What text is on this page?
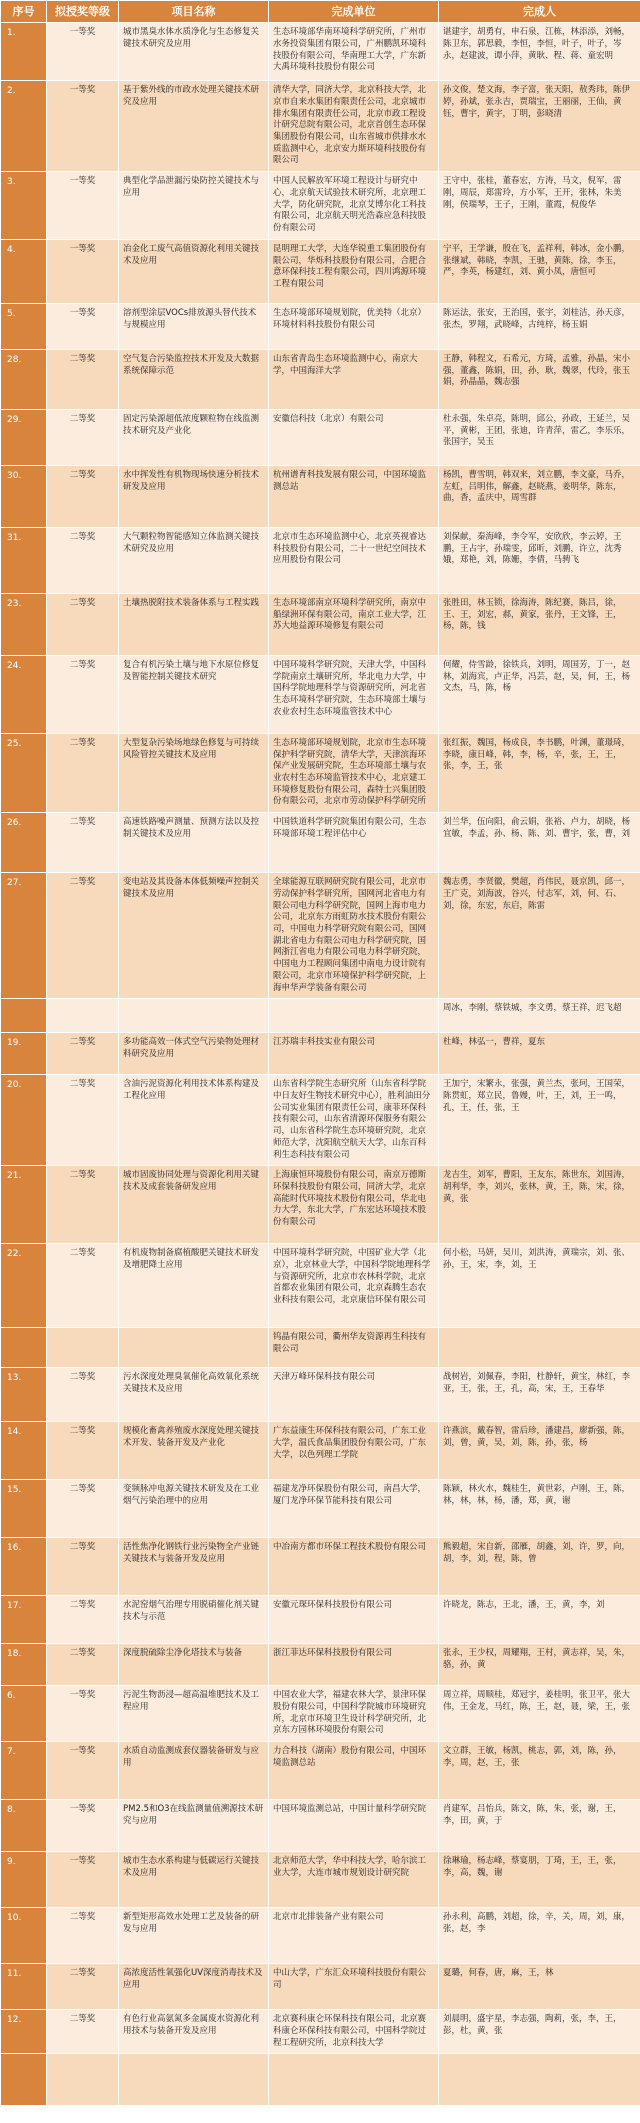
序号	拟授奖等级	项目名称	完成单位	完成人
1.	一等奖	城市黑臭水体水质净化与生态修复关键技术研究及应用	生态环境部华南环境科学研究所，广州市水务投资集团有限公司，广州鹏凯环境科技股份有限公司，华南理工大学，广东新大禹环境科技股份有限公司	谌建宇，胡勇有，申石泉，江栋，林添添，刘畅，陈卫东，郭思毅，李恒，李恒，叶子，叶子，岑永，赵建波，谭小萍，黄耿、程、蒋、童宏明
2.	一等奖	基于紫外线的市政水处理关键技术研究及应用	清华大学，同济大学，北京科技大学，北京市自来水集团有限责任公司，北京城市排水集团有限责任公司，北京市政工程设计研究总院有限公司，北京首创生态环保集团股份有限公司，山东省城市供排水水质监测中心，北京安力斯环境科技股份有限公司	孙文俊，楚文海，李子富，张天阳，敖秀玮，陈伊婷，孙斌，张永吉，贾瑞宝，王丽丽，王仙，黄钰，曹宇，黄宇，丁明，彭晓清
3.	一等奖	典型化学品泄漏污染防控关键技术与应用	中国人民解放军环境工程设计与研究中心，北京航天试验技术研究所，北京理工大学，防化研究院，北京艾博尔化工科技有限公司，北京航天明光浩森应急科技股份有限公司	王守中，张桂，董春宏，方涛，马文，倪军，雷刚，周辰，郑雷玲，方小军，王开，张林，朱美刚，侯瑞琴，王子，王刚，董霞，倪俊华
4.	一等奖	冶金化工废气高值资源化利用关键技术及应用	昆明理工大学，大连华锐重工集团股份有限公司，华烁科技股份有限公司，合肥合意环保科技工程有限公司，四川鸿源环境工程有限公司	宁平，王学谦，殷在飞，孟祥利，韩冰，金小鹏，张继斌，韩晓，李凯，王驰，黄陈，徐，李玉，严，李英，杨建红，刘、黄小凤，唐恒可
5.	一等奖	溶剂型涂层VOCs排放源头替代技术与规模应用	生态环境部环境规划院，优美特（北京）环境材料科技股份有限公司	陈运法，张安，王治国，张宇，刘桂洁，孙天彦，张杰，罗翔，武晓峰，古纯梓，杨玉娟
28.	二等奖	空气复合污染监控技术开发及大数据系统保障示范	山东省青岛生态环境监测中心，南京大学，中国海洋大学	王静，韩程文，石希元，方琦，孟雅，孙晶，宋小强，董鑫，陈娟，田，孙，耿，魏翠，代玲，张玉娟，孙晶晶，魏志强
29.	二等奖	固定污染源超低浓度颗粒物在线监测技术研究及产业化	安徽信科技（北京）有限公司	杜永强，朱卓亮，陈明，邱公，孙政，王延兰，吴平，黄彬，王团，张迪，许青萍，雷乙，李乐乐，张国宇，吴玉
30.	二等奖	水中挥发性有机物现场快速分析技术研发及应用	杭州谱育科技发展有限公司，中国环境监测总站	杨凯，曹雪明，韩双来，刘立鹏，李文豪，马乔，左虹，吕明伟，解鑫，赵晓燕，姜明华，陈东，曲，香，孟庆中，周雪群
31.	二等奖	大气颗粒物智能感知立体监测关键技术研究及应用	北京市生态环境监测中心，北京英视睿达科技股份有限公司，二十一世纪空间技术应用股份有限公司	刘保献，秦海峰，李令军，安欣欣，李云婷，王鹏，王占宇，孙瑞雯，邱昕，刘鹏，许立，沈秀娥，郑艳，刘，陈姗，李倩，马骋飞
23.	二等奖	土壤热脱附技术装备体系与工程实践	生态环境部南京环境科学研究所，南京中船绿洲环保有限公司，南京工业大学，江苏大地益源环境修复有限公司	张胜田，林玉锁，徐海涛，陈纪赛，陈吕，徐，王、王，刘宏，郝，黄家，张丹，王文锋，王，杨，陈，钱
24.	二等奖	复合有机污染土壤与地下水原位修复及智能控制关键技术研究	中国环境科学研究院，天津大学，中国科学院南京土壤研究所，华北电力大学，中国科学院地理科学与资源研究所，河北省生态环境科学研究院，生态环境部土壤与农业农村生态环境监管技术中心	何耀，侍雪龄，徐铁兵，刘明，周国芳，丁一，赵林，刘海宾，卢正华，冯芸，赵，吴，何，王，杨文杰，马，陈，杨
25.	二等奖	大型复杂污染场地绿色修复与可持续风险管控关键技术及应用	生态环境部环境规划院，北京市生态环境保护科学研究院，清华大学，天津滨海环保产业发展研究院，生态环境部土壤与农业农村生态环境监管技术中心，北京建工环境修复股份有限公司，森特士兴集团股份有限公司，北京市劳动保护科学研究所	张红振，魏国，杨成良，李书鹏，叶渊，董璟琦，李晓，康日峰，韩，李，杨，辛，张，王，王，张，李，王，张
26.	二等奖	高速铁路噪声测量、预测方法以及控制关键技术及应用	中国铁道科学研究院集团有限公司，生态环境部环境工程评估中心	刘兰华，伍向阳，俞云娟，张裕、卢力，胡晓，杨宜敏，李孟，孙、杨、陈、刘、曹宇，张，曹，刘
27.	二等奖	变电站及其设备本体低频噪声控制关键技术及应用	全球能源互联网研究院有限公司，北京市劳动保护科学研究所，国网河北省电力有限公司电力科学研究院，国网上海市电力公司，北京东方雨虹防水技术股份有限公司，中国电力科学研究院有限公司，国网湖北省电力有限公司电力科学研究院，国网浙江省电力有限公司电力科学研究院，中国电力工程顾问集团中南电力设计院有限公司，北京市环境保护科学研究院，上海申华声学装备有限公司	魏志勇，李贤徽，樊超，肖伟民，聂京凯，邱一，王广克，刘海波，谷兴，付志军，刘，何、石、刘，徐，东宏，东启，陈雷
				周冰，李刚，蔡铁城，李文勇，蔡王祥，迟飞超
19.	二等奖	多功能高效一体式空气污染物处理材料研究及应用	江苏瑞丰科技实业有限公司	杜峰，林弘一，曹祥，夏东
20.	二等奖	含油污泥资源化利用技术体系构建及工程化应用	山东省科学院生态研究所（山东省科学院中日友好生物技术研究中心），胜利油田分公司实业集团有限责任公司，康菲环保科技有限公司，山东省清源环保服务有限公司，山东省科学院生态环境研究院，北京师范大学，沈阳航空航天大学，山东百科利生态科技有限公司	王加宁，宋繁永，张强，黄兰杰，张珂，王国荣，陈贯虹，郑立民，鲁嫚，叶，王，刘，王一鸣，孔，王，任，张，王
21.	二等奖	城市固废协同处理与资源化利用关键技术及成套装备研发应用	上海康恒环境股份有限公司，南京万德斯环保科技股份有限公司，同济大学，北京高能时代环境技术股份有限公司，华北电力大学，东北大学，广东宏达环境技术股份有限公司	龙吉生，刘军，曹阳，王友东，陈世东，刘国涛，胡利华，李，刘兴，张林，黄，王，陈，宋，徐，黄，张
22.	二等奖	有机废物制备腐植酸肥关键技术研发及增肥降土应用	中国环境科学研究院，中国矿业大学（北京），北京林业大学，中国科学院地理科学与资源研究所，北京市农林科学院，北京首都农业集团有限公司，北京森腾生态农业科技有限公司，北京康信环保有限公司	何小松，马妍，吴川，刘洪涛，黄瑞宗，刘、张、孙，王，宋，李，刘，王
			钨晶有限公司，衢州华友资源再生科技有限公司	
13.	二等奖	污水深度处理臭氧催化高效氧化系统关键技术及应用	天津万峰环保科技有限公司	战树岩，刘佩春，李阳，杜静轩，黄宝，林红，李亚，王，张，王，孔，高，宋，王，王春华
14.	二等奖	规模化畜禽养殖废水深度处理关键技术开发、装备开发及产业化	广东益康生环保科技有限公司，广东工业大学，温氏食品集团股份有限公司，广东大学，以色列理工学院	许燕滨，戴春智，雷后珍，潘建昌，廖新强，陈，刘，曾，黄，吴，刘，陈，孙，张，杨
15.	二等奖	变频脉冲电源关键技术研发及在工业烟气污染治理中的应用	福建龙净环保股份有限公司，南昌大学，厦门龙净环保节能科技有限公司	陈颖，林火水，魏桂生，黄世彩，卢刚，王，陈，林，林，林，杨，潘，郑，黄，谢
16.	二等奖	活性焦净化钢铁行业污染物全产业链关键技术与装备开发及应用	中冶南方都市环保工程技术股份有限公司	熊毅超，宋自新，邵雁，胡鑫，刘，许，罗，向，胡，李，刘，程，陈，曾
17.	二等奖	水泥窑烟气治理专用脱硝催化剂关键技术与示范	安徽元琛环保科技股份有限公司	许晓龙，陈志，王北，潘，王，黄，李，刘
18.	二等奖	深度脱硫除尘净化塔技术与装备	浙江菲达环保科技股份有限公司	张永，王少权，周耀翔，王村，黄志祥，吴，朱，骆，孙，黄
6.	一等奖	污泥生物沥浸—超高温堆肥技术及工程应用	中国农业大学，福建农林大学，景津环保股份有限公司，中国科学院城市环境研究所，北京市环境卫生设计科学研究所，北京东方园林环境股份有限公司	周立祥，周顺桂，郑冠宇，姜桂明，张卫平，张大伟，王金龙，马红，陈，王，赵，聂，梁，王，张
7.	一等奖	水质自动监测成套仪器装备研发与应用	力合科技（湖南）股份有限公司，中国环境监测总站	文立群，王敏，杨凯，桃志，郭，刘，陈，孙，李，周，赵，王，张
8.	一等奖	PM2.5和O3在线监测量值溯源技术研究与应用	中国环境监测总站，中国计量科学研究院	肖建军，吕怡兵，陈文，陈，朱，张，谢，王，李，田，黄，于
9.	一等奖	城市生态水系构建与低碳运行关键技术及应用	北京师范大学，华中科技大学，哈尔滨工业大学，大连市城市规划设计研究院	徐琳瑜，杨志峰，蔡宴朋，丁琦，王，王，张，李，高，魏，谢
10.	二等奖	新型矩形高效水处理工艺及装备的研发与应用	北京市北排装备产业有限公司	孙永利，高鹏，刘超，徐，辛，关，周，刘，康，张，赵，李
11.	二等奖	高浓度活性氧强化UV深度消毒技术及应用	中山大学，广东汇众环境科技股份有限公司	夏璐，何春，唐，麻，王，林
12.	二等奖	有色行业高氨氮多金属废水资源化利用技术与装备开发及应用	北京赛科康仑环保科技有限公司，北京赛科康仑环保科技有限公司，中国科学院过程工程研究所，北京科技大学	刘晨明，盛宇星，李志强，陶莉，张，李，王，彭，杜，黄，张
